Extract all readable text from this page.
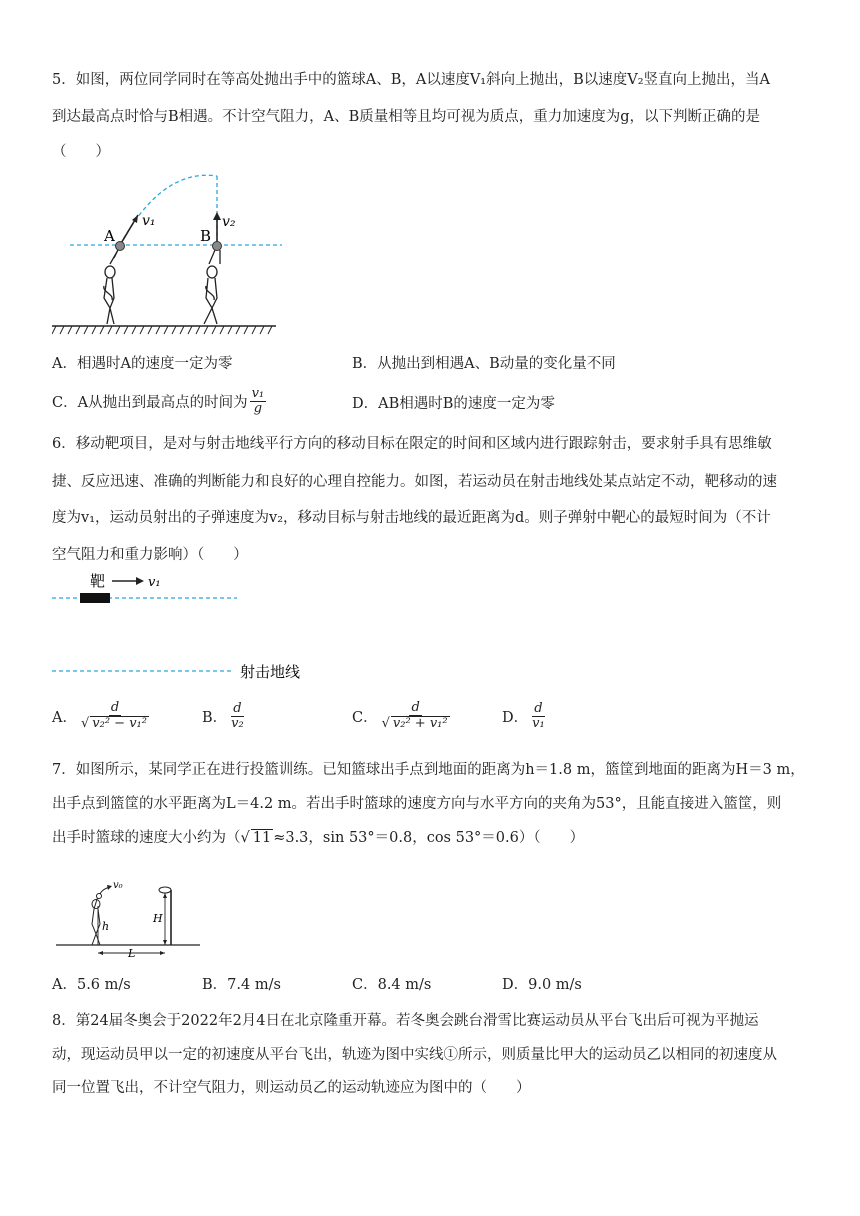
5．如图，两位同学同时在等高处抛出手中的篮球A、B，A以速度V₁斜向上抛出，B以速度V₂竖直向上抛出，当A
到达最高点时恰与B相遇。不计空气阻力，A、B质量相等且均可视为质点，重力加速度为g，以下判断正确的是
（　　）
A	B
v₁	v₂
A．相遇时A的速度一定为零	B．从抛出到相遇A、B动量的变化量不同
C．A从抛出到最高点的时间为 $\frac{\text{v₁}}{g}$	D．AB相遇时B的速度一定为零
6．移动靶项目，是对与射击地线平行方向的移动目标在限定的时间和区域内进行跟踪射击，要求射手具有思维敏
捷、反应迅速、准确的判断能力和良好的心理自控能力。如图，若运动员在射击地线处某点站定不动，靶移动的速
度为v₁，运动员射出的子弹速度为v₂，移动目标与射击地线的最近距离为d。则子弹射中靶心的最短时间为（不计
空气阻力和重力影响）（　　）
靶	v₁
射击地线
A． $\frac{d}{\text{√ v₂² − v₁²}}$	B． $\frac{d}{\text{v₂}}$	C． $\frac{d}{\text{√ v₂² + v₁²}}$	D． $\frac{d}{\text{v₁}}$
7．如图所示，某同学正在进行投篮训练。已知篮球出手点到地面的距离为h＝1.8 m，篮筐到地面的距离为H＝3 m，
出手点到篮筐的水平距离为L＝4.2 m。若出手时篮球的速度方向与水平方向的夹角为53°，且能直接进入篮筐，则
出手时篮球的速度大小约为（√ 11 ≈3.3，sin 53°＝0.8，cos 53°＝0.6）（　　）
v₀
L
h
H
A．5.6 m/s	B．7.4 m/s	C．8.4 m/s	D．9.0 m/s
8．第24届冬奥会于2022年2月4日在北京隆重开幕。若冬奥会跳台滑雪比赛运动员从平台飞出后可视为平抛运
动，现运动员甲以一定的初速度从平台飞出，轨迹为图中实线①所示，则质量比甲大的运动员乙以相同的初速度从
同一位置飞出，不计空气阻力，则运动员乙的运动轨迹应为图中的（　　）
